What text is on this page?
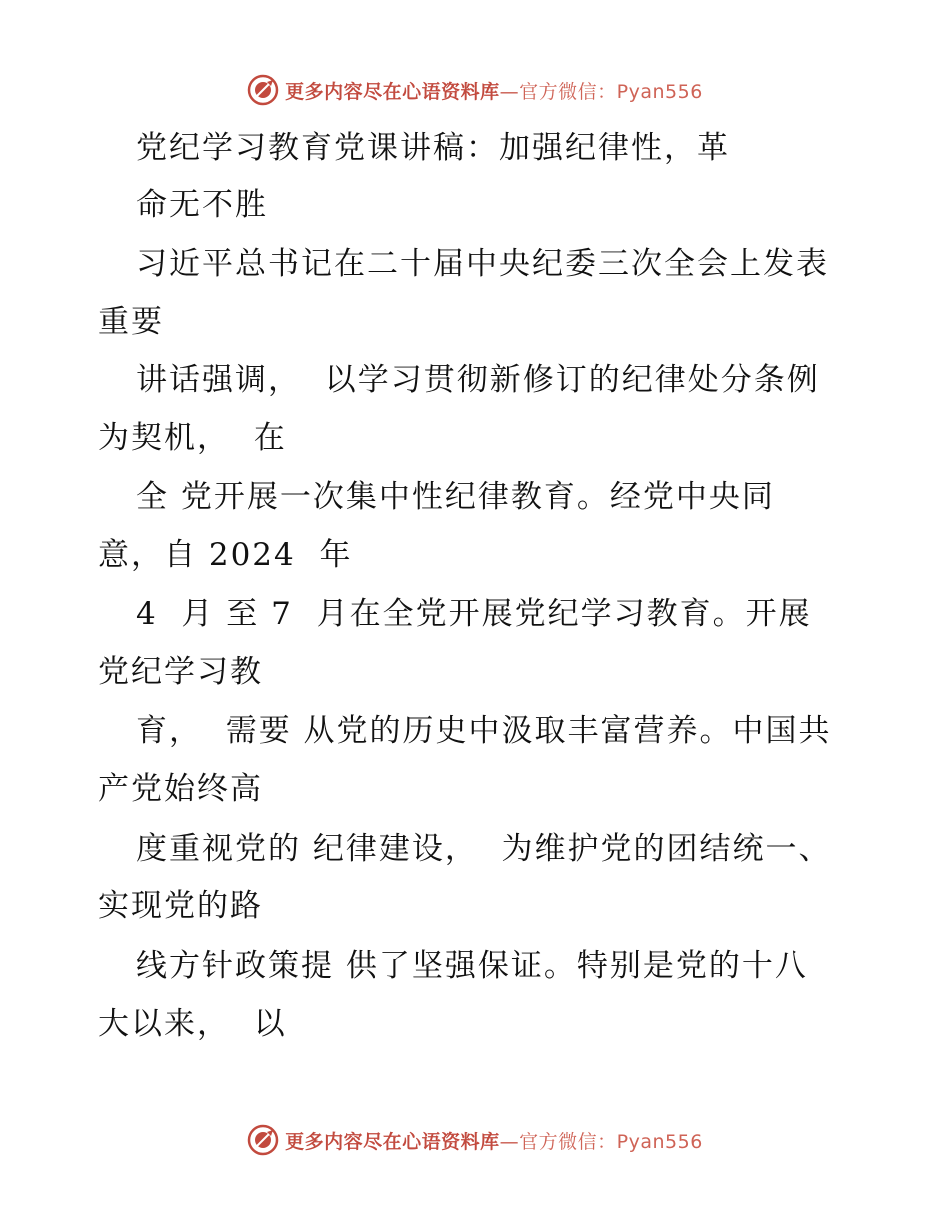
更多内容尽在心语资料库—官方微信：Pyan556
党纪学习教育党课讲稿：加强纪律性，革
命无不胜
习近平总书记在二十届中央纪委三次全会上发表
重要
讲话强调，  以学习贯彻新修订的纪律处分条例
为契机，  在
全 党开展一次集中性纪律教育。经党中央同
意，自 2024  年
4  月 至 7  月在全党开展党纪学习教育。开展
党纪学习教
育，  需要 从党的历史中汲取丰富营养。中国共
产党始终高
度重视党的 纪律建设，  为维护党的团结统一、
实现党的路
线方针政策提 供了坚强保证。特别是党的十八
大以来，  以
更多内容尽在心语资料库—官方微信：Pyan556
